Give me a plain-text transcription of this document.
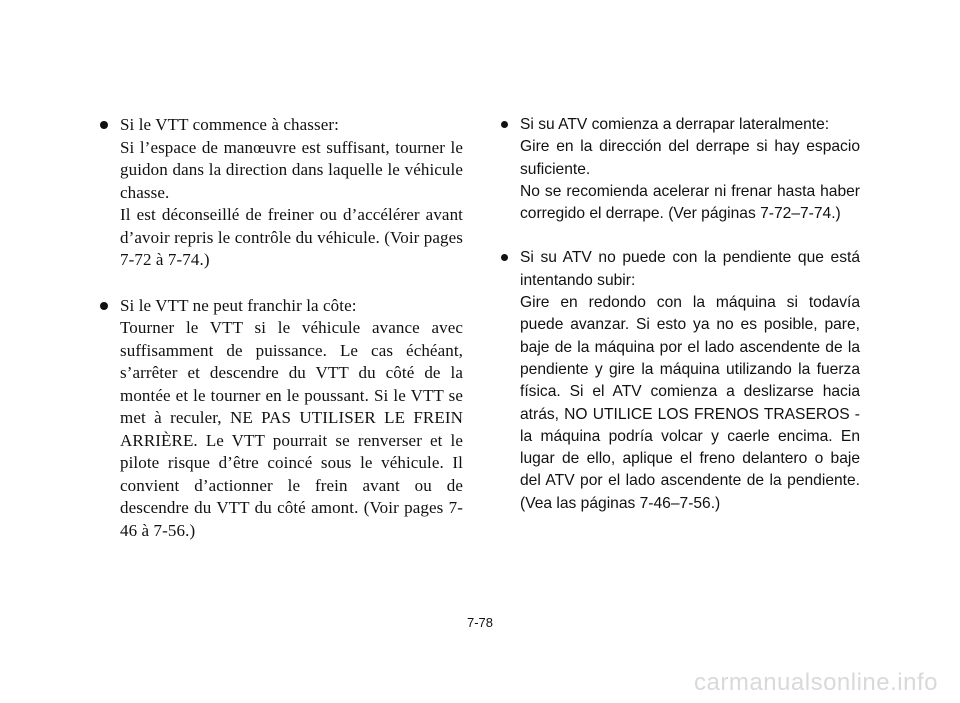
Si le VTT commence à chasser:

Si l’espace de manœuvre est suffisant, tourner le guidon dans la direction dans laquelle le véhicule chasse.

Il est déconseillé de freiner ou d’accélérer avant d’avoir repris le contrôle du véhicule. (Voir pages 7-72 à 7-74.)

Si le VTT ne peut franchir la côte:

Tourner le VTT si le véhicule avance avec suffisamment de puissance. Le cas échéant, s’arrêter et descendre du VTT du côté de la montée et le tourner en le poussant. Si le VTT se met à reculer, NE PAS UTILISER LE FREIN ARRIÈRE. Le VTT pourrait se renverser et le pilote risque d’être coincé sous le véhicule. Il convient d’actionner le frein avant ou de descendre du VTT du côté amont. (Voir pages 7-46 à 7-56.)

Si su ATV comienza a derrapar lateralmente:

Gire en la dirección del derrape si hay espacio suficiente.

No se recomienda acelerar ni frenar hasta haber corregido el derrape. (Ver páginas 7-72–7-74.)

Si su ATV no puede con la pendiente que está intentando subir:

Gire en redondo con la máquina si todavía puede avanzar. Si esto ya no es posible, pare, baje de la máquina por el lado ascendente de la pendiente y gire la máquina utilizando la fuerza física. Si el ATV comienza a deslizarse hacia atrás, NO UTILICE LOS FRENOS TRASEROS - la máquina podría volcar y caerle encima. En lugar de ello, aplique el freno delantero o baje del ATV por el lado ascendente de la pendiente. (Vea las páginas 7-46–7-56.)

7-78
carmanualsonline.info
